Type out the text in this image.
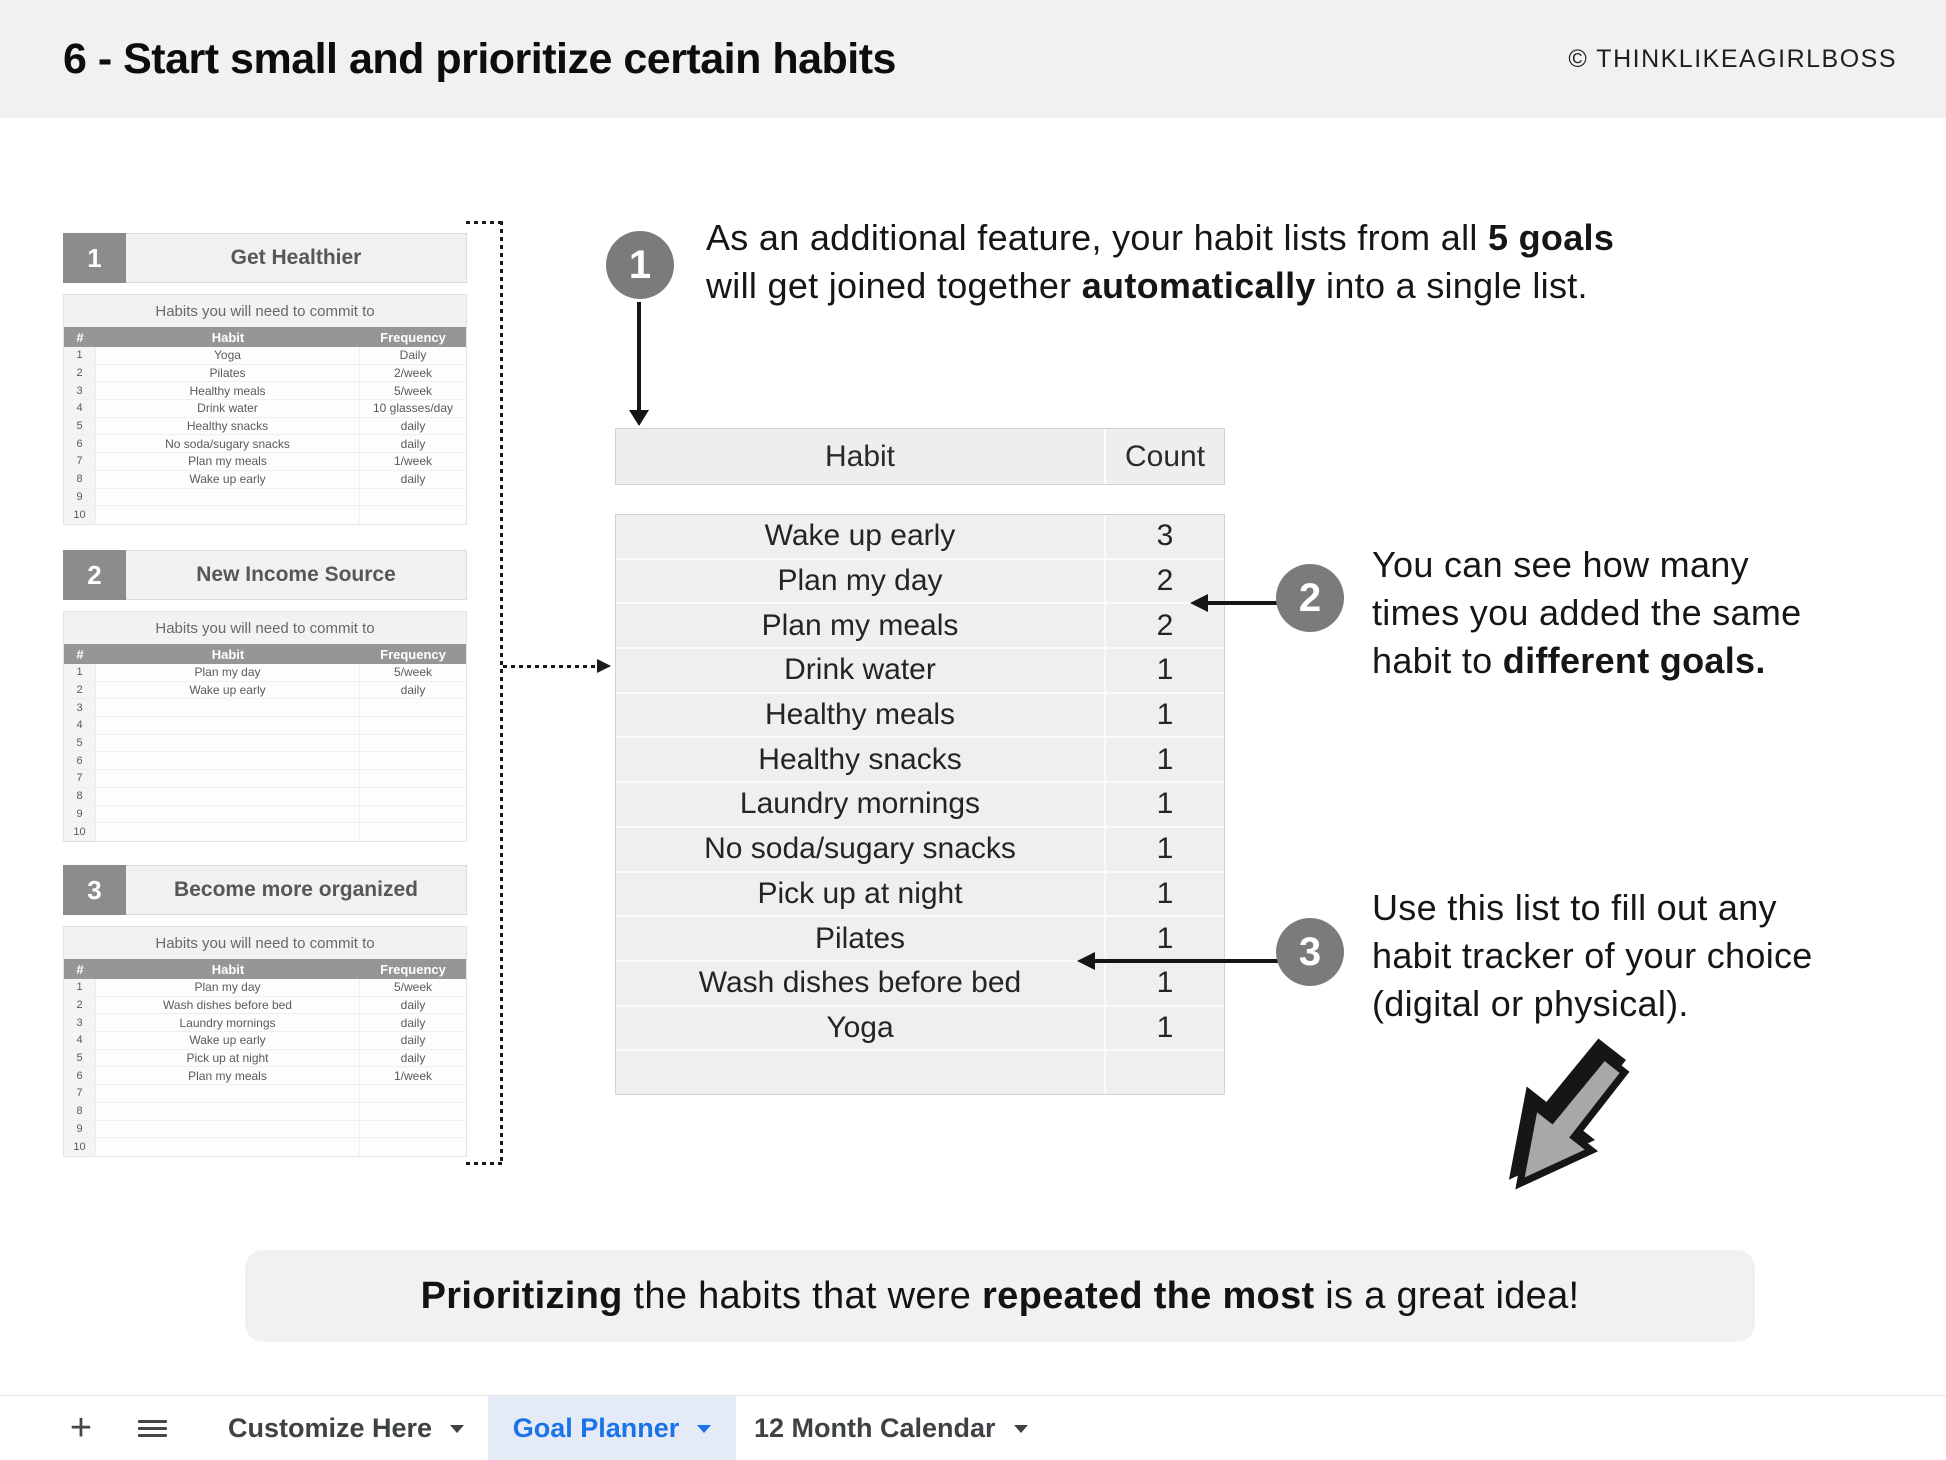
6 - Start small and prioritize certain habits	© THINKLIKEAGIRLBOSS
1	Get Healthier
Habits you will need to commit to
#	Habit	Frequency
1	Yoga	Daily
2	Pilates	2/week
3	Healthy meals	5/week
4	Drink water	10 glasses/day
5	Healthy snacks	daily
6	No soda/sugary snacks	daily
7	Plan my meals	1/week
8	Wake up early	daily
9
10
2	New Income Source
Habits you will need to commit to
#	Habit	Frequency
1	Plan my day	5/week
2	Wake up early	daily
3
4
5
6
7
8
9
10
3	Become more organized
Habits you will need to commit to
#	Habit	Frequency
1	Plan my day	5/week
2	Wash dishes before bed	daily
3	Laundry mornings	daily
4	Wake up early	daily
5	Pick up at night	daily
6	Plan my meals	1/week
7
8
9
10
1
Habit	Count
Wake up early	3
Plan my day	2
Plan my meals	2
Drink water	1
Healthy meals	1
Healthy snacks	1
Laundry mornings	1
No soda/sugary snacks	1
Pick up at night	1
Pilates	1
Wash dishes before bed	1
Yoga	1
As an additional feature, your habit lists from all 5 goals
will get joined together automatically into a single list.
2
You can see how many
times you added the same
habit to different goals.
3
Use this list to fill out any
habit tracker of your choice
(digital or physical).
Prioritizing the habits that were repeated the most is a great idea!
+	Customize Here	Goal Planner	12 Month Calendar
